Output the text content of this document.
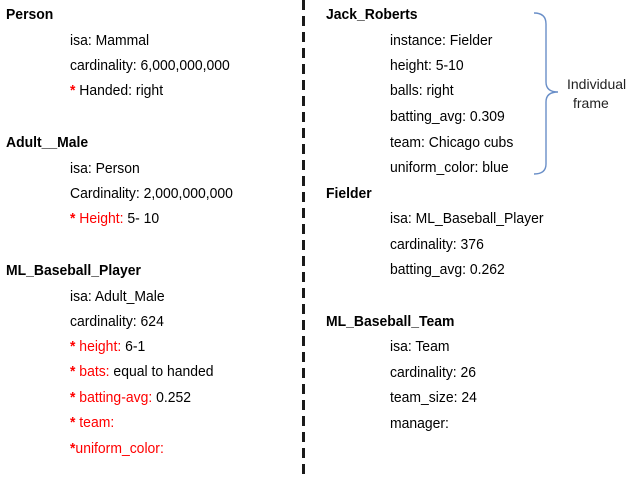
Person
isa: Mammal
cardinality: 6,000,000,000
* Handed: right
Adult__Male
isa: Person
Cardinality: 2,000,000,000
* Height: 5- 10
ML_Baseball_Player
isa: Adult_Male
cardinality: 624
* height: 6-1
* bats: equal to handed
* batting-avg: 0.252
* team:
*uniform_color:
Jack_Roberts
instance: Fielder
height: 5-10
balls: right
batting_avg: 0.309
team: Chicago cubs
uniform_color: blue
Fielder
isa: ML_Baseball_Player
cardinality: 376
batting_avg: 0.262
ML_Baseball_Team
isa: Team
cardinality: 26
team_size: 24
manager:
Individual
frame
